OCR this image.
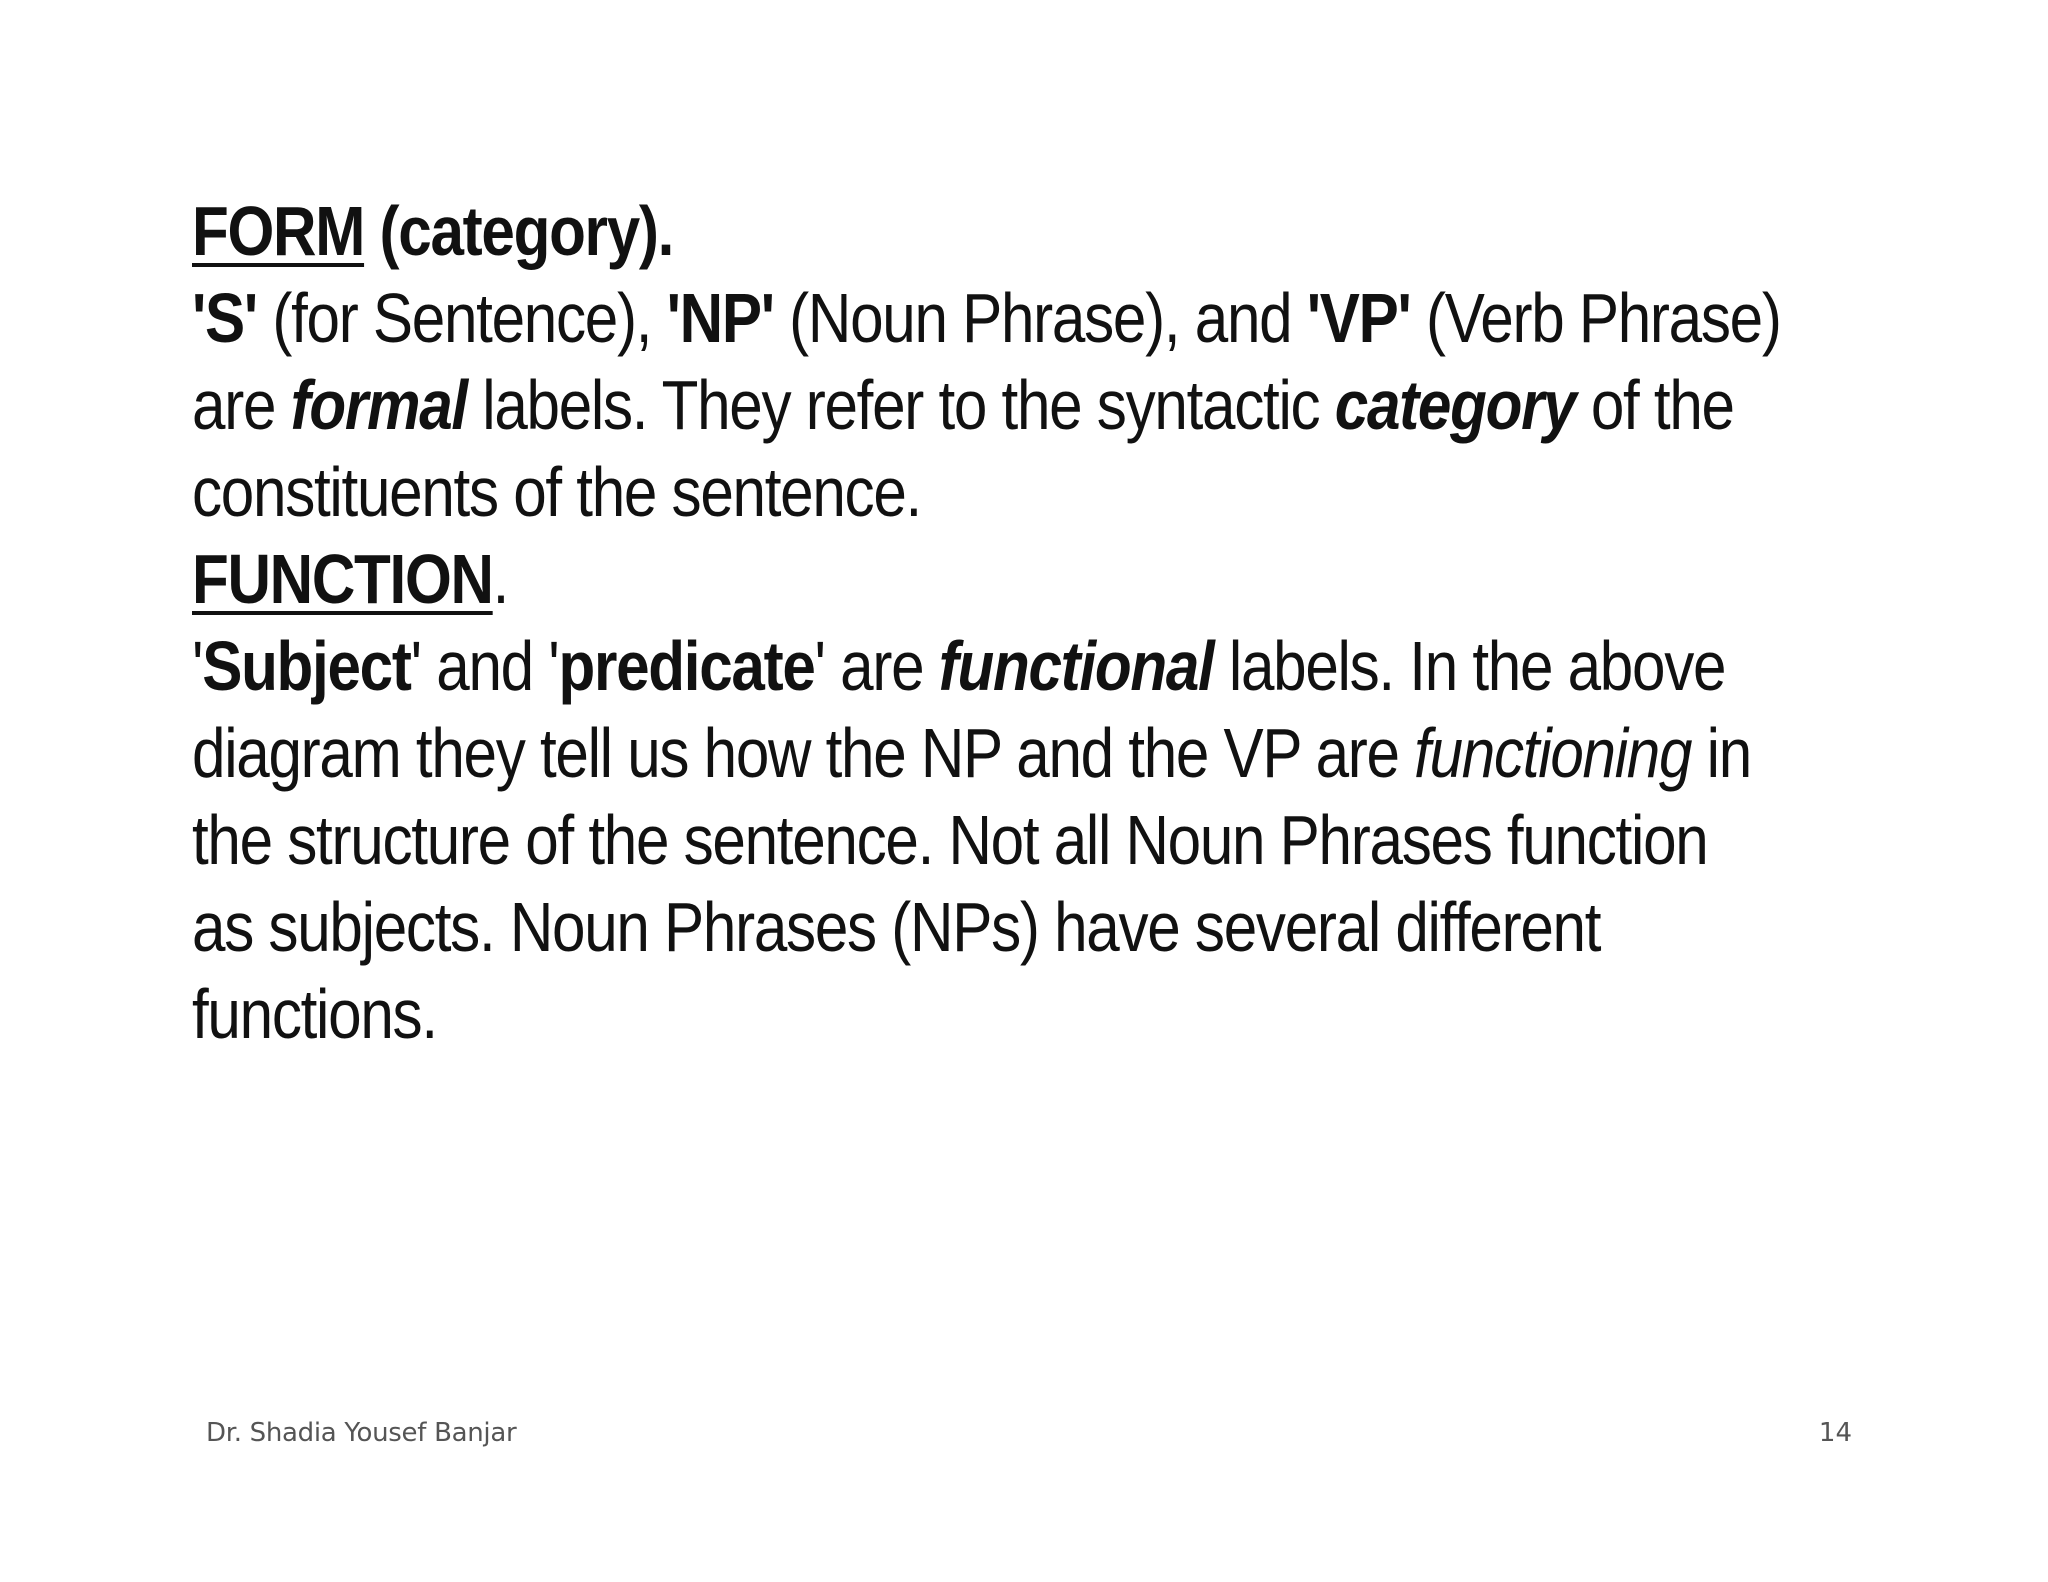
FORM (category).
'S' (for Sentence), 'NP' (Noun Phrase), and 'VP' (Verb Phrase)
are formal labels. They refer to the syntactic category of the
constituents of the sentence.
FUNCTION.
'Subject' and 'predicate' are functional labels. In the above
diagram they tell us how the NP and the VP are functioning in
the structure of the sentence. Not all Noun Phrases function
as subjects. Noun Phrases (NPs) have several different
functions.
Dr. Shadia Yousef Banjar	14
